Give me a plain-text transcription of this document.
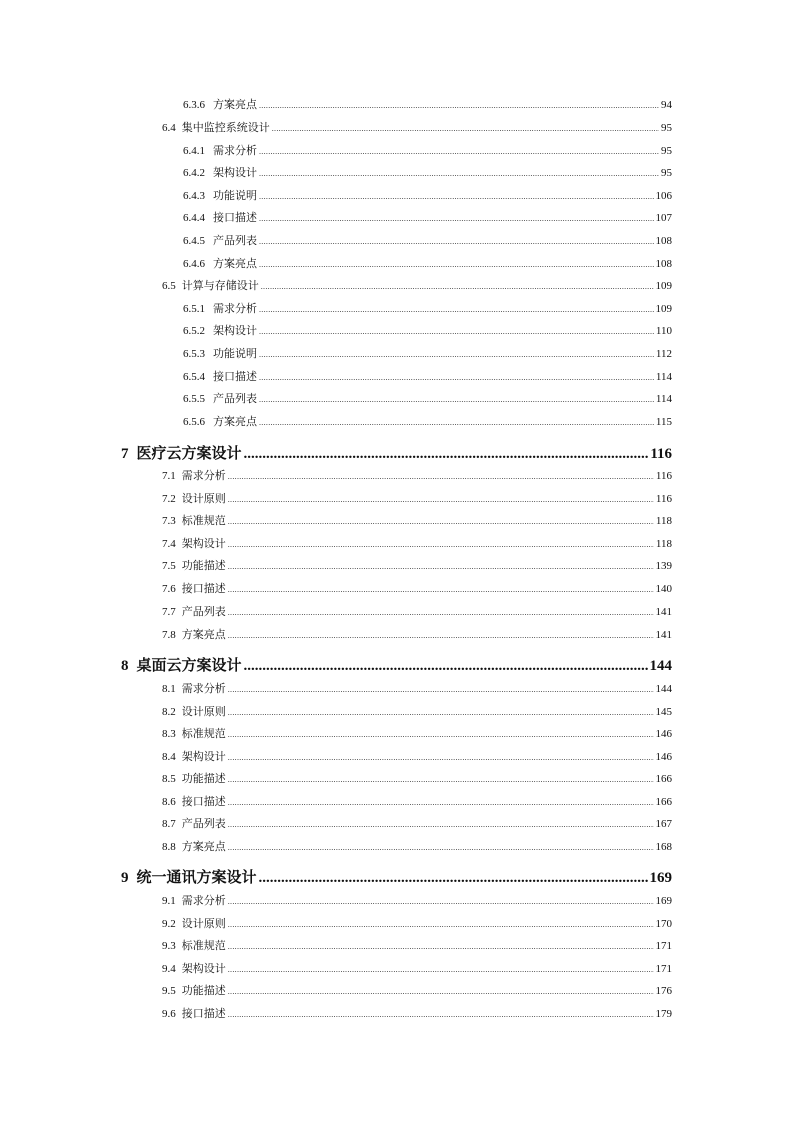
6.3.6 方案亮点 .....	94
6.4 集中监控系统设计 .....	95
6.4.1 需求分析 .....	95
6.4.2 架构设计 .....	95
6.4.3 功能说明 .....	106
6.4.4 接口描述 .....	107
6.4.5 产品列表 .....	108
6.4.6 方案亮点 .....	108
6.5 计算与存储设计 .....	109
6.5.1 需求分析 .....	109
6.5.2 架构设计 .....	110
6.5.3 功能说明 .....	112
6.5.4 接口描述 .....	114
6.5.5 产品列表 .....	114
6.5.6 方案亮点 .....	115
7 医疗云方案设计 .....	116
7.1 需求分析 .....	116
7.2 设计原则 .....	116
7.3 标准规范 .....	118
7.4 架构设计 .....	118
7.5 功能描述 .....	139
7.6 接口描述 .....	140
7.7 产品列表 .....	141
7.8 方案亮点 .....	141
8 桌面云方案设计 .....	144
8.1 需求分析 .....	144
8.2 设计原则 .....	145
8.3 标准规范 .....	146
8.4 架构设计 .....	146
8.5 功能描述 .....	166
8.6 接口描述 .....	166
8.7 产品列表 .....	167
8.8 方案亮点 .....	168
9 统一通讯方案设计 .....	169
9.1 需求分析 .....	169
9.2 设计原则 .....	170
9.3 标准规范 .....	171
9.4 架构设计 .....	171
9.5 功能描述 .....	176
9.6 接口描述 .....	179
